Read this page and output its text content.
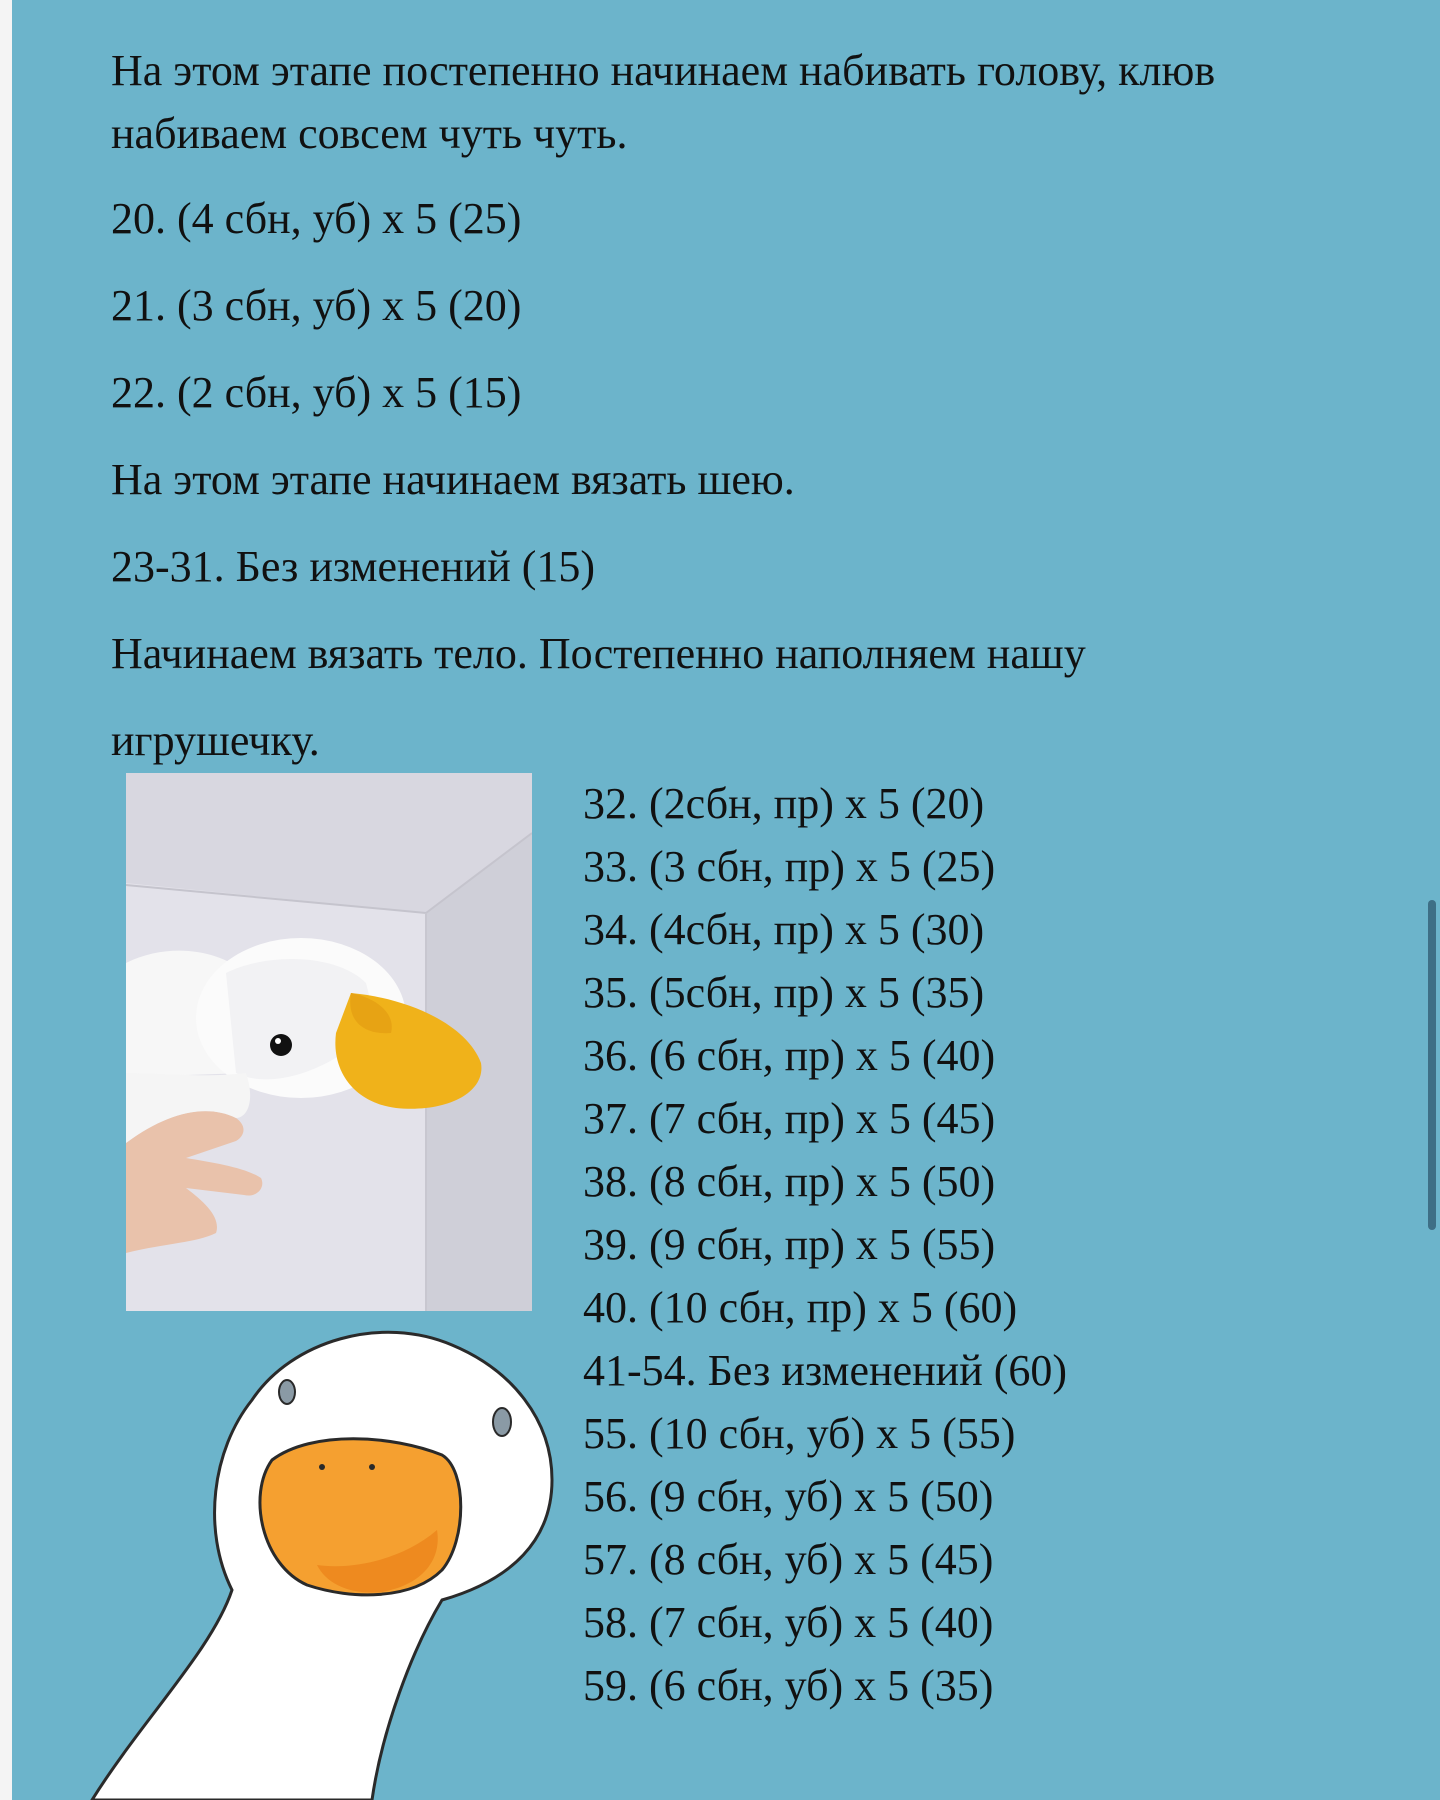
На этом этапе постепенно начинаем набивать голову, клюв
набиваем совсем чуть чуть.
20. (4 сбн, уб) х 5 (25)
21. (3 сбн, уб) х 5 (20)
22. (2 сбн, уб) х 5 (15)
На этом этапе начинаем вязать шею.
23-31. Без изменений (15)
Начинаем вязать тело. Постепенно наполняем нашу
игрушечку.
32. (2сбн, пр) х 5 (20)
33. (3 сбн, пр) х 5 (25)
34. (4сбн, пр) х 5 (30)
35. (5сбн, пр) х 5 (35)
36. (6 сбн, пр) х 5 (40)
37. (7 сбн, пр) х 5 (45)
38. (8 сбн, пр) х 5 (50)
39. (9 сбн, пр) х 5 (55)
40. (10 сбн, пр) х 5 (60)
41-54. Без изменений (60)
55. (10 сбн, уб) х 5 (55)
56. (9 сбн, уб) х 5 (50)
57. (8 сбн, уб) х 5 (45)
58. (7 сбн, уб) х 5 (40)
59. (6 сбн, уб) х 5 (35)
